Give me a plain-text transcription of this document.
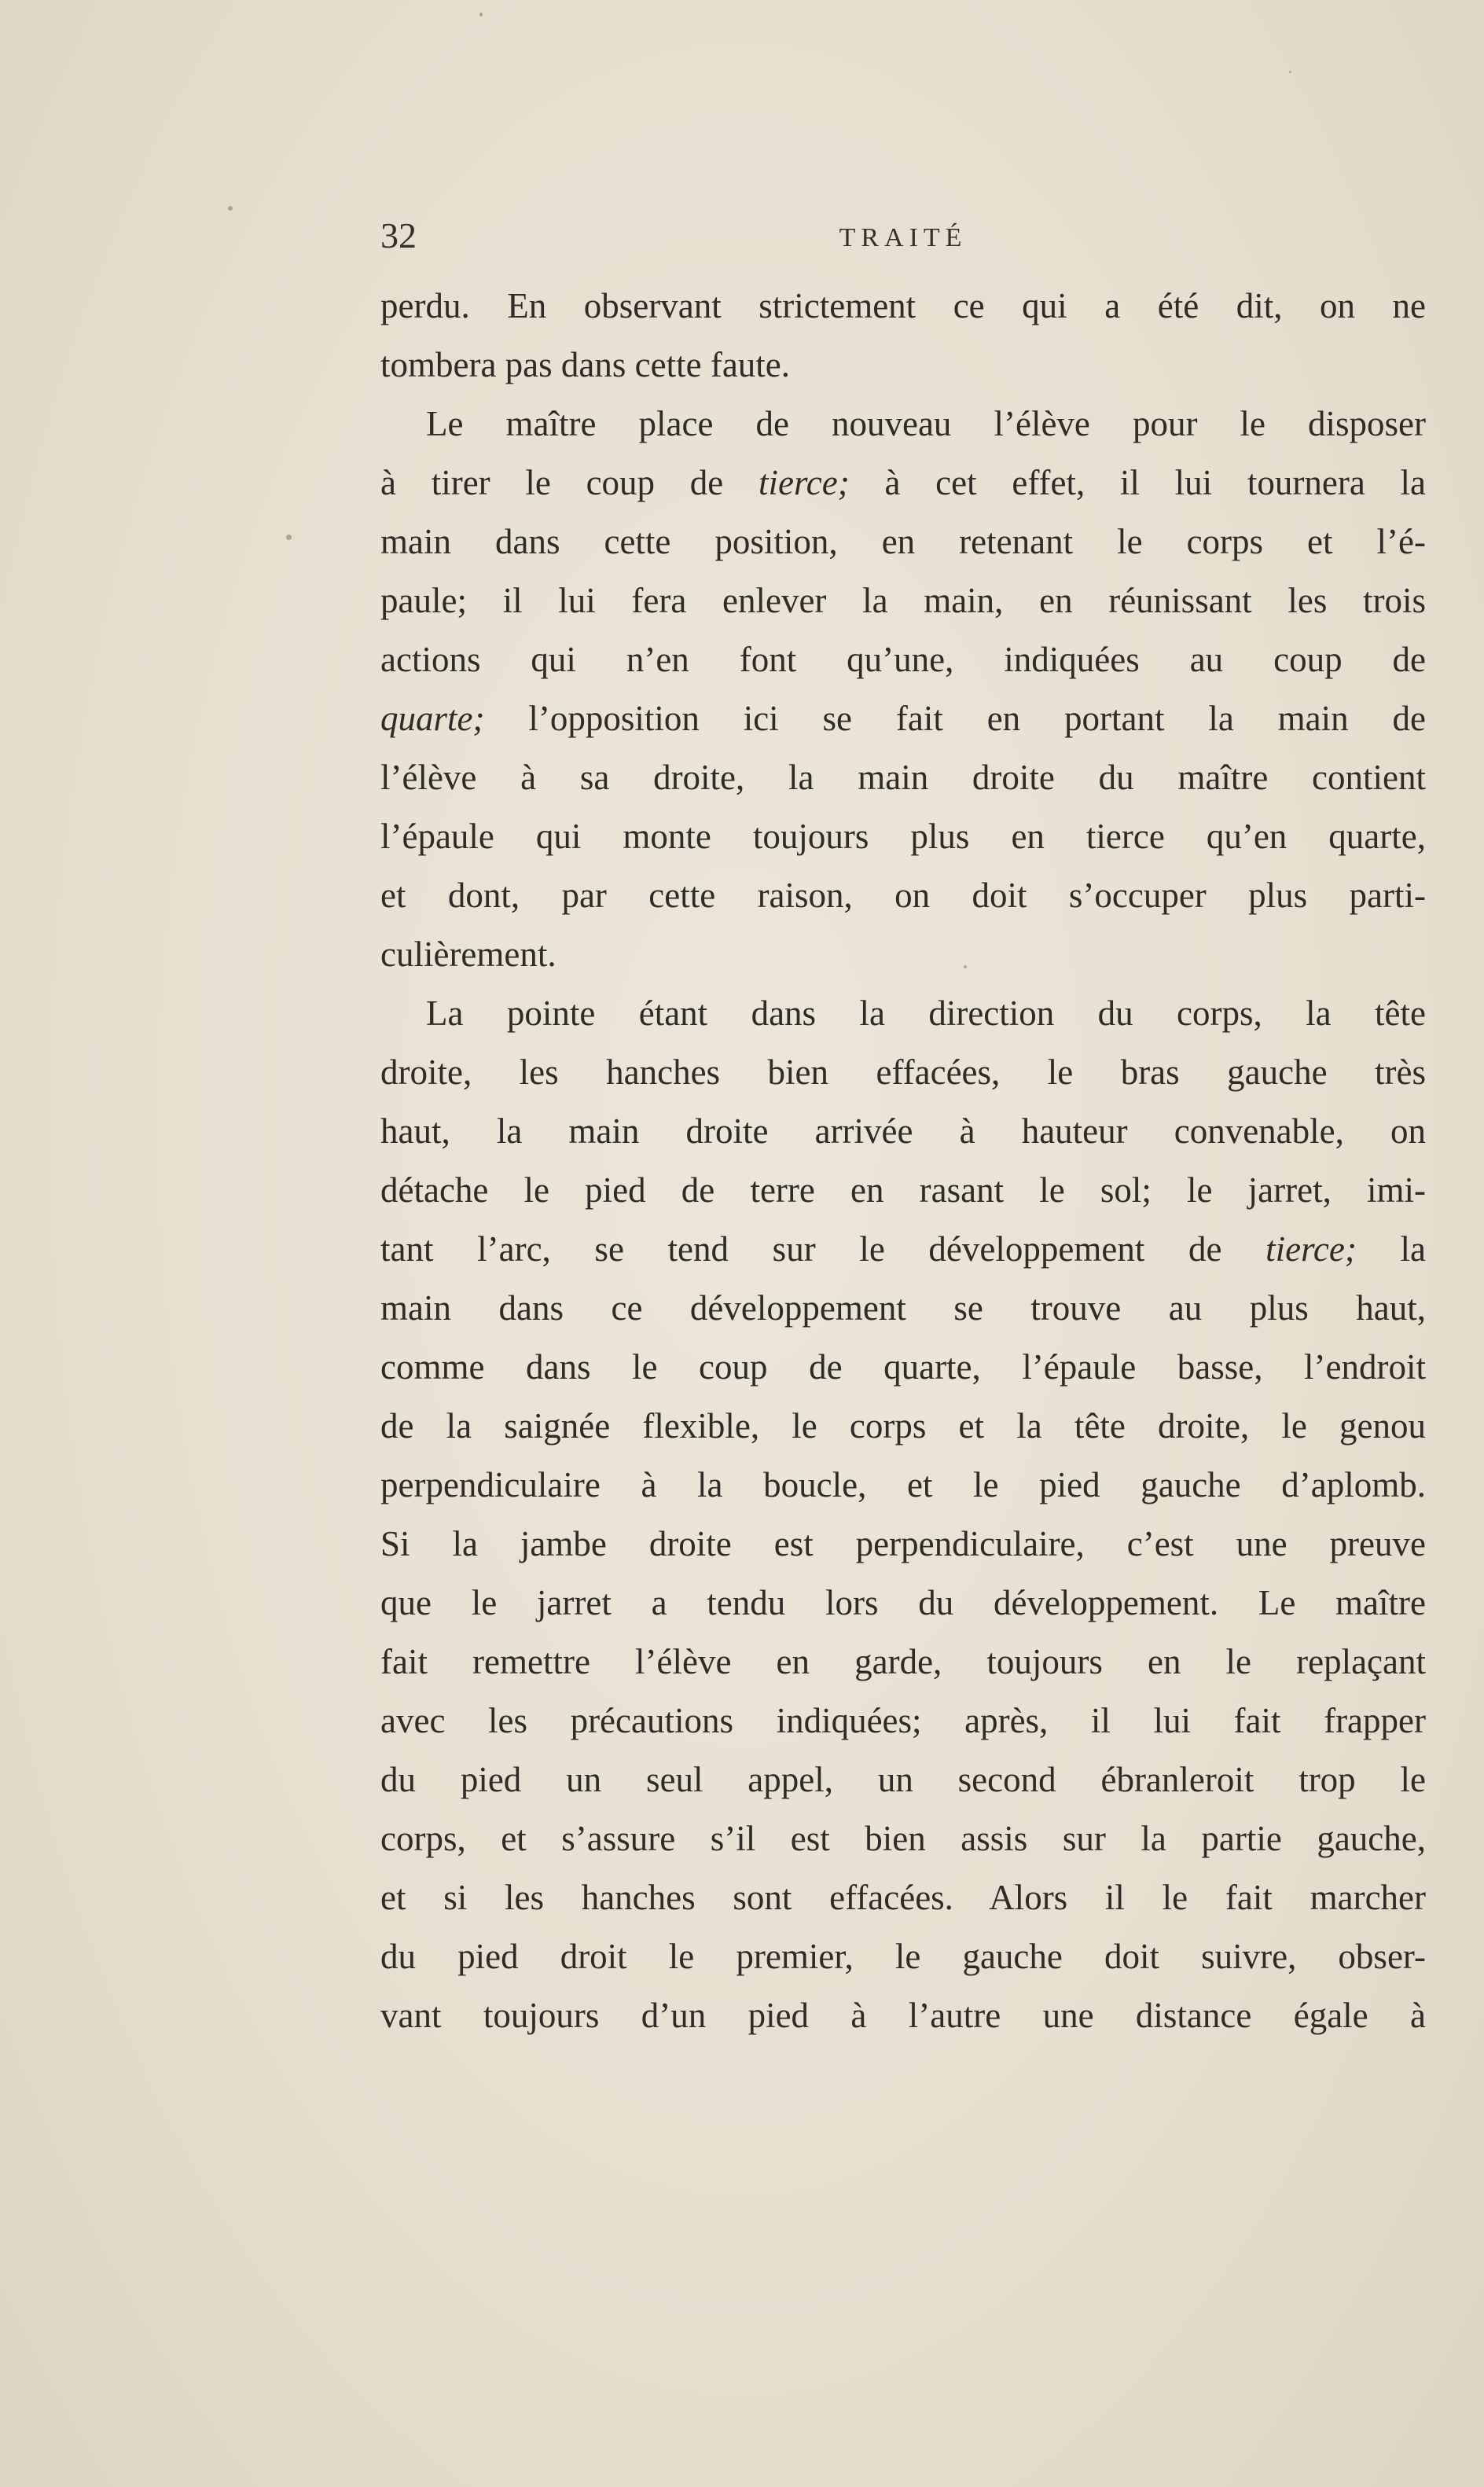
32	TRAITÉ
perdu. En observant strictement ce qui a été dit, on ne
tombera pas dans cette faute.
Le maître place de nouveau l’élève pour le disposer
à tirer le coup de tierce; à cet effet, il lui tournera la
main dans cette position, en retenant le corps et l’é-
paule; il lui fera enlever la main, en réunissant les trois
actions qui n’en font qu’une, indiquées au coup de
quarte; l’opposition ici se fait en portant la main de
l’élève à sa droite, la main droite du maître contient
l’épaule qui monte toujours plus en tierce qu’en quarte,
et dont, par cette raison, on doit s’occuper plus parti-
culièrement.
La pointe étant dans la direction du corps, la tête
droite, les hanches bien effacées, le bras gauche très
haut, la main droite arrivée à hauteur convenable, on
détache le pied de terre en rasant le sol; le jarret, imi-
tant l’arc, se tend sur le développement de tierce; la
main dans ce développement se trouve au plus haut,
comme dans le coup de quarte, l’épaule basse, l’endroit
de la saignée flexible, le corps et la tête droite, le genou
perpendiculaire à la boucle, et le pied gauche d’aplomb.
Si la jambe droite est perpendiculaire, c’est une preuve
que le jarret a tendu lors du développement. Le maître
fait remettre l’élève en garde, toujours en le replaçant
avec les précautions indiquées; après, il lui fait frapper
du pied un seul appel, un second ébranleroit trop le
corps, et s’assure s’il est bien assis sur la partie gauche,
et si les hanches sont effacées. Alors il le fait marcher
du pied droit le premier, le gauche doit suivre, obser-
vant toujours d’un pied à l’autre une distance égale à
